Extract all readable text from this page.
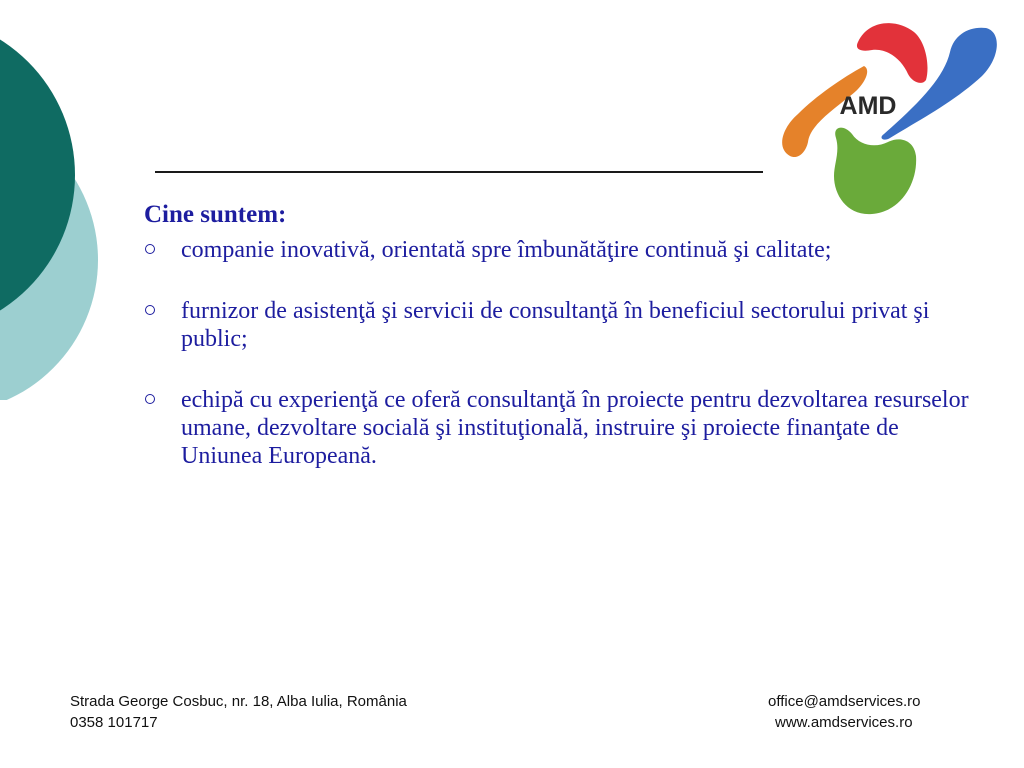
AMD
Cine suntem:
companie inovativă, orientată spre îmbunătăţire continuă şi calitate;
furnizor de asistenţă şi servicii de consultanţă în beneficiul sectorului privat şi public;
echipă cu experienţă ce oferă consultanţă în proiecte pentru dezvoltarea resurselor umane, dezvoltare socială şi instituţională, instruire şi proiecte finanţate de Uniunea Europeană.
Strada George Cosbuc, nr. 18, Alba Iulia, România
0358 101717
office@amdservices.ro
www.amdservices.ro
